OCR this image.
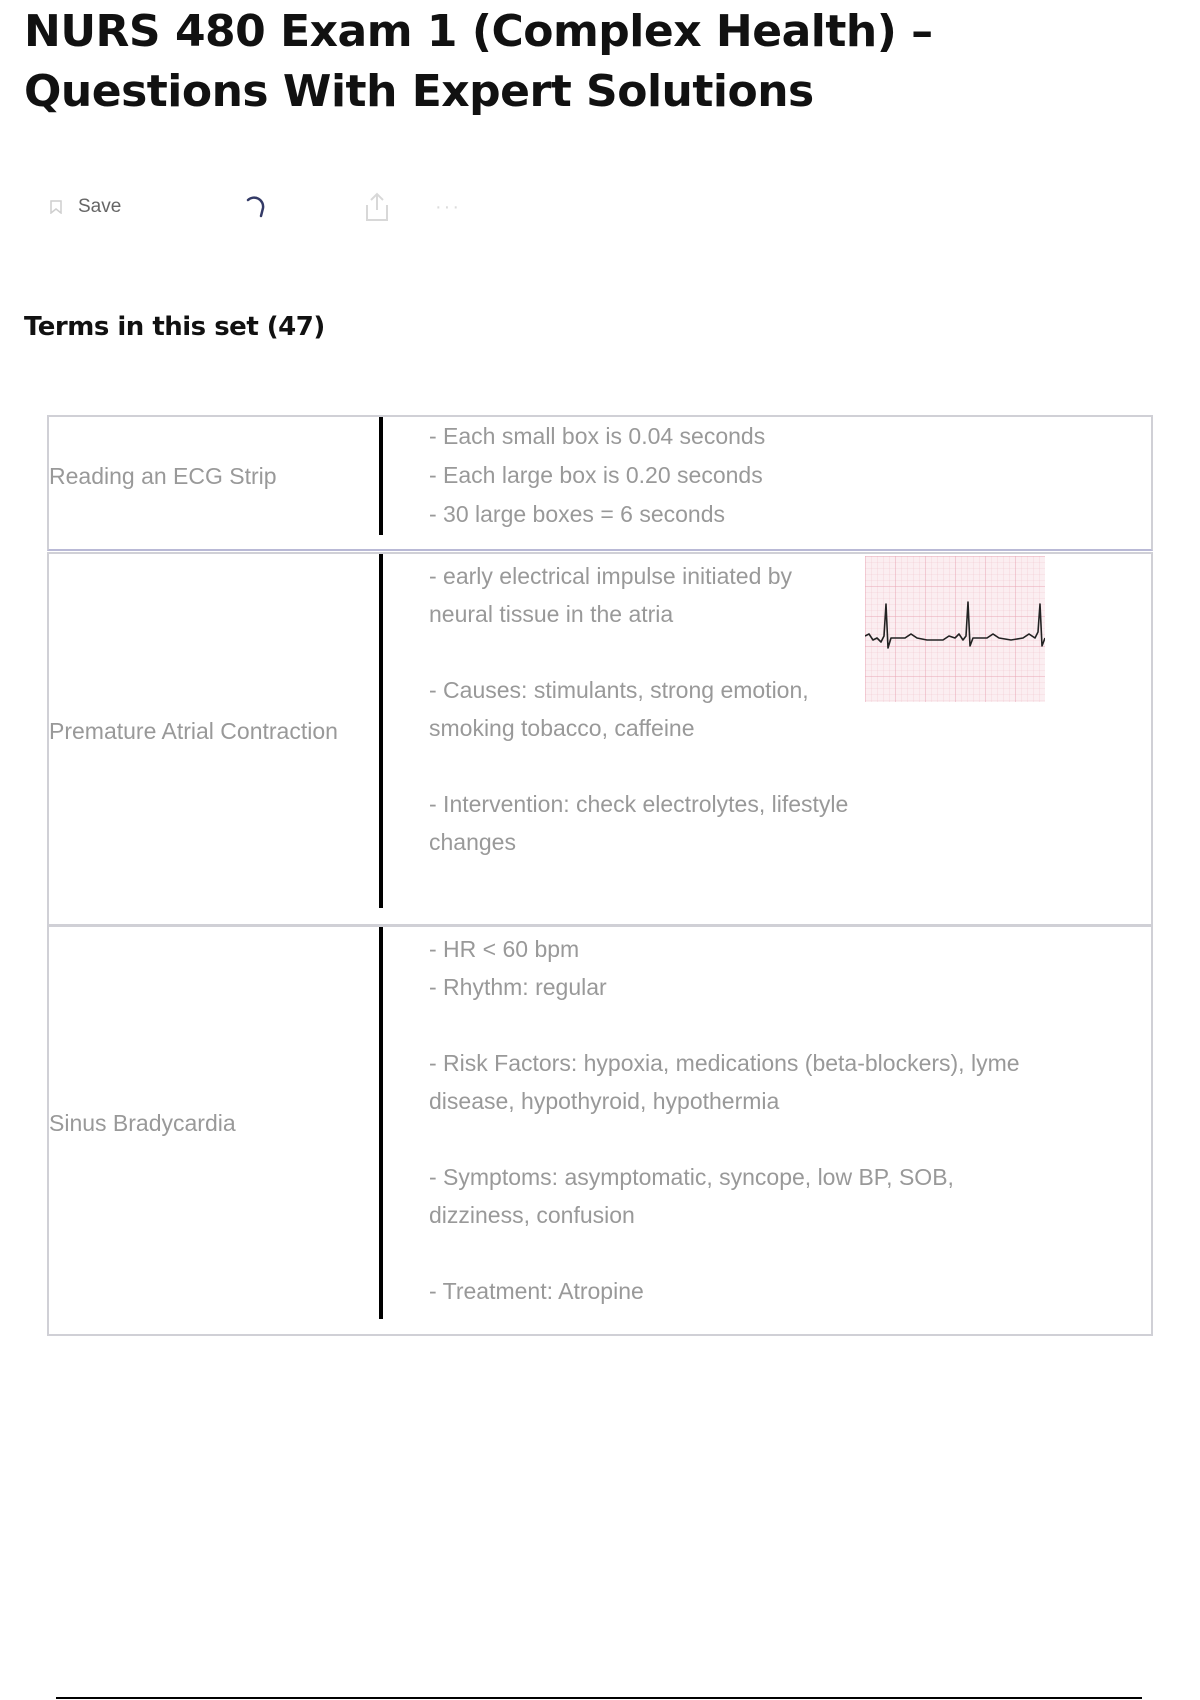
NURS 480 Exam 1 (Complex Health) – Questions With Expert Solutions
Save	···
Terms in this set (47)
Reading an ECG Strip
- Each small box is 0.04 seconds
- Each large box is 0.20 seconds
- 30 large boxes = 6 seconds
Premature Atrial Contraction
- early electrical impulse initiated by neural tissue in the atria

- Causes: stimulants, strong emotion, smoking tobacco, caffeine

- Intervention: check electrolytes, lifestyle changes
Sinus Bradycardia
- HR < 60 bpm
- Rhythm: regular

- Risk Factors: hypoxia, medications (beta-blockers), lyme disease, hypothyroid, hypothermia

- Symptoms: asymptomatic, syncope, low BP, SOB, dizziness, confusion

- Treatment: Atropine
